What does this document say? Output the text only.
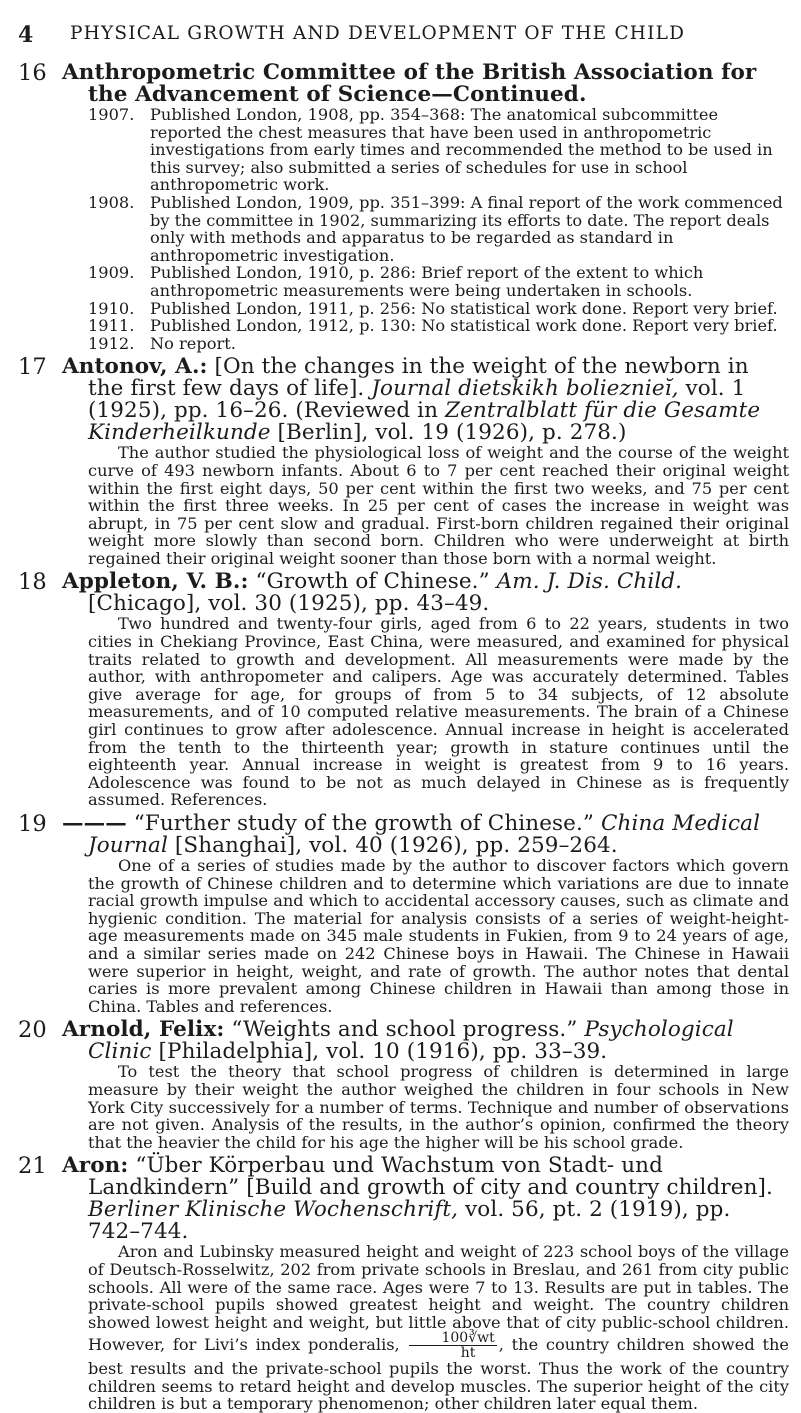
4 PHYSICAL GROWTH AND DEVELOPMENT OF THE CHILD
16 Anthropometric Committee of the British Association for the Advancement of Science—Continued.
1907. Published London, 1908, pp. 354–368: The anatomical subcommittee reported the chest measures that have been used in anthropometric investigations from early times and recommended the method to be used in this survey; also submitted a series of schedules for use in school anthropometric work.
1908. Published London, 1909, pp. 351–399: A final report of the work commenced by the committee in 1902, summarizing its efforts to date. The report deals only with methods and apparatus to be regarded as standard in anthropometric investigation.
1909. Published London, 1910, p. 286: Brief report of the extent to which anthropometric measurements were being undertaken in schools.
1910. Published London, 1911, p. 256: No statistical work done. Report very brief.
1911. Published London, 1912, p. 130: No statistical work done. Report very brief.
1912. No report.
17 Antonov, A.: [On the changes in the weight of the newborn in the first few days of life]. Journal dietskikh bolieznieĭ, vol. 1 (1925), pp. 16–26. (Reviewed in Zentralblatt für die Gesamte Kinderheilkunde [Berlin], vol. 19 (1926), p. 278.)
The author studied the physiological loss of weight and the course of the weight curve of 493 newborn infants. About 6 to 7 per cent reached their original weight within the first eight days, 50 per cent within the first two weeks, and 75 per cent within the first three weeks. In 25 per cent of cases the increase in weight was abrupt, in 75 per cent slow and gradual. First-born children regained their original weight more slowly than second born. Children who were underweight at birth regained their original weight sooner than those born with a normal weight.
18 Appleton, V. B.: “Growth of Chinese.” Am. J. Dis. Child. [Chicago], vol. 30 (1925), pp. 43–49.
Two hundred and twenty-four girls, aged from 6 to 22 years, students in two cities in Chekiang Province, East China, were measured, and examined for physical traits related to growth and development. All measurements were made by the author, with anthropometer and calipers. Age was accurately determined. Tables give average for age, for groups of from 5 to 34 subjects, of 12 absolute measurements, and of 10 computed relative measurements. The brain of a Chinese girl continues to grow after adolescence. Annual increase in height is accelerated from the tenth to the thirteenth year; growth in stature continues until the eighteenth year. Annual increase in weight is greatest from 9 to 16 years. Adolescence was found to be not as much delayed in Chinese as is frequently assumed. References.
19 ——— “Further study of the growth of Chinese.” China Medical Journal [Shanghai], vol. 40 (1926), pp. 259–264.
One of a series of studies made by the author to discover factors which govern the growth of Chinese children and to determine which variations are due to innate racial growth impulse and which to accidental accessory causes, such as climate and hygienic condition. The material for analysis consists of a series of weight-height-age measurements made on 345 male students in Fukien, from 9 to 24 years of age, and a similar series made on 242 Chinese boys in Hawaii. The Chinese in Hawaii were superior in height, weight, and rate of growth. The author notes that dental caries is more prevalent among Chinese children in Hawaii than among those in China. Tables and references.
20 Arnold, Felix: “Weights and school progress.” Psychological Clinic [Philadelphia], vol. 10 (1916), pp. 33–39.
To test the theory that school progress of children is determined in large measure by their weight the author weighed the children in four schools in New York City successively for a number of terms. Technique and number of observations are not given. Analysis of the results, in the author’s opinion, confirmed the theory that the heavier the child for his age the higher will be his school grade.
21 Aron: “Über Körperbau und Wachstum von Stadt- und Landkindern” [Build and growth of city and country children]. Berliner Klinische Wochenschrift, vol. 56, pt. 2 (1919), pp. 742–744.
Aron and Lubinsky measured height and weight of 223 school boys of the village of Deutsch-Rosselwitz, 202 from private schools in Breslau, and 261 from city public schools. All were of the same race. Ages were 7 to 13. Results are put in tables. The private-school pupils showed greatest height and weight. The country children showed lowest height and weight, but little above that of city public-school children. However, for Livi’s index ponderalis, $\frac{100∛wt}{ht}$ , the country children showed the best results and the private-school pupils the worst. Thus the work of the country children seems to retard height and develop muscles. The superior height of the city children is but a temporary phenomenon; other children later equal them.
